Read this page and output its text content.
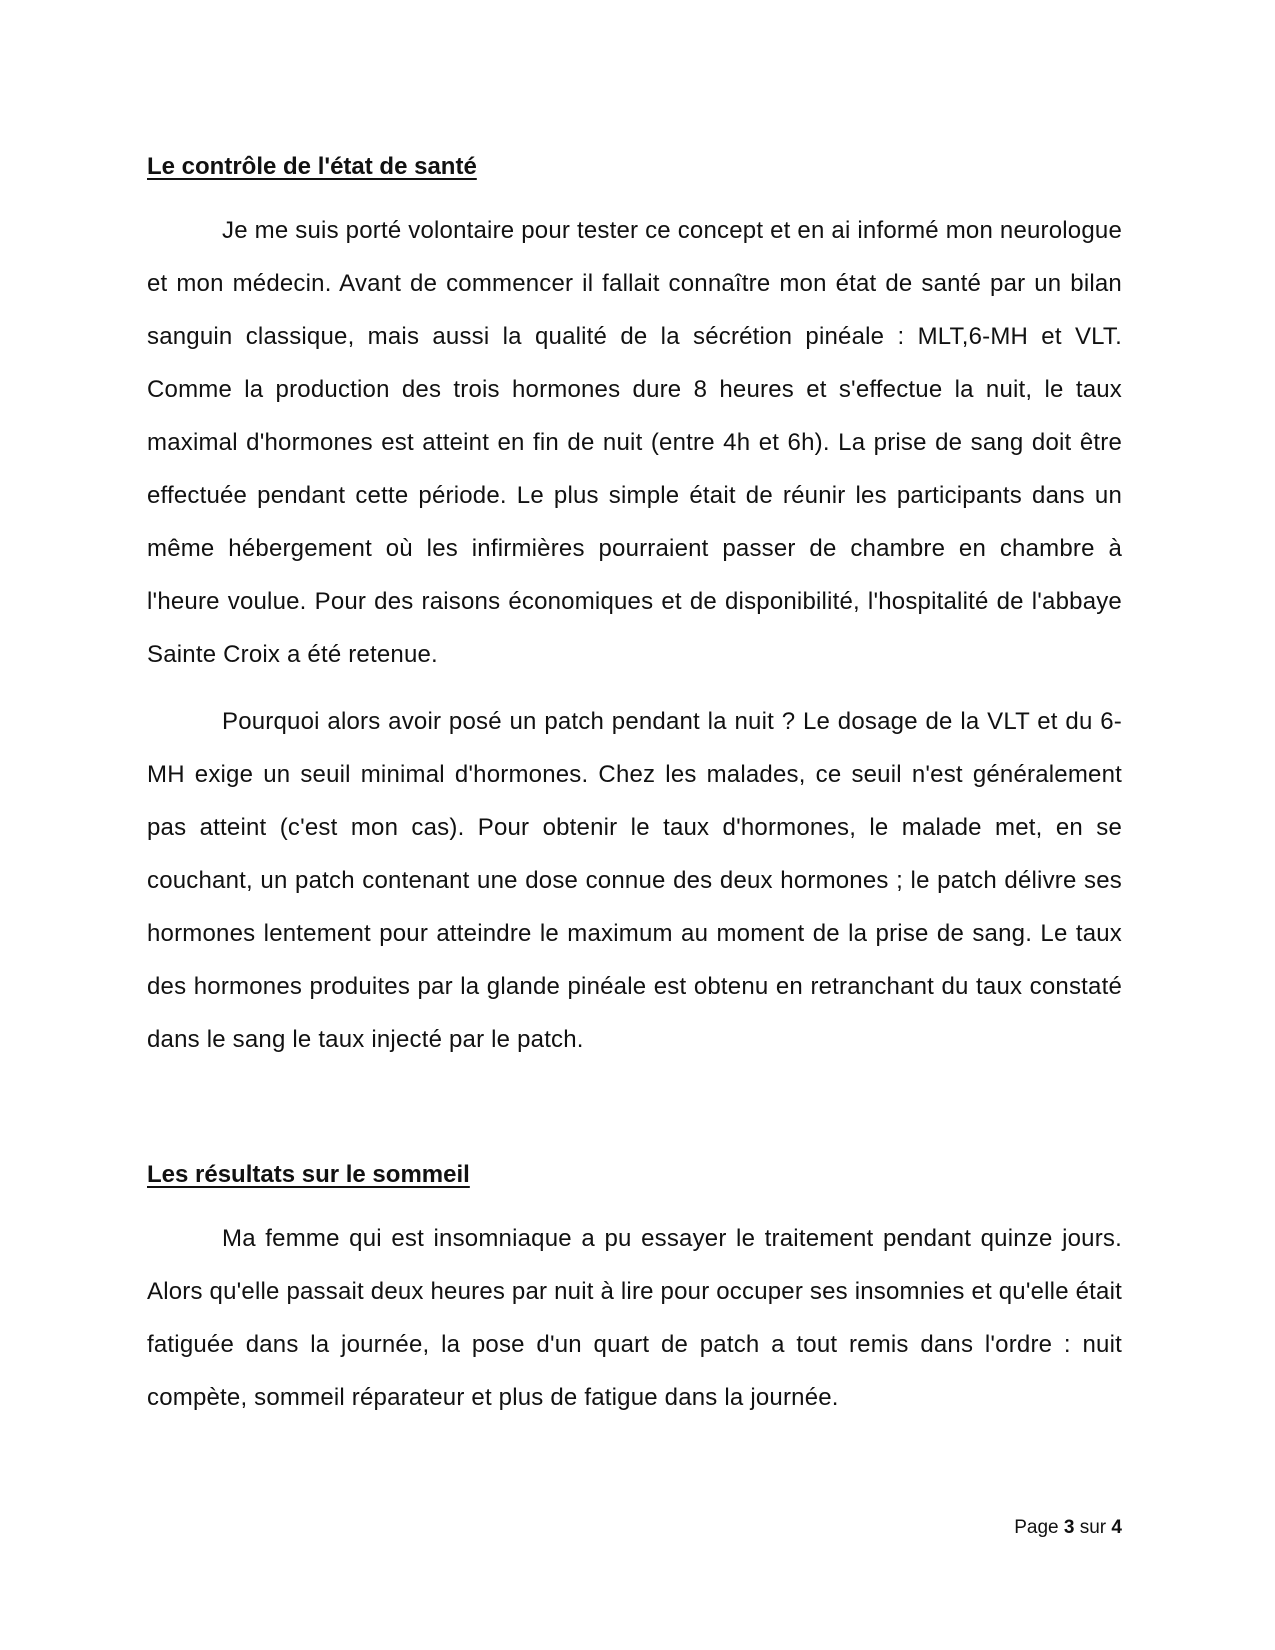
Le contrôle de l'état de santé

Je me suis porté volontaire pour tester ce concept et en ai informé mon neurologue et mon médecin. Avant de commencer il fallait connaître mon état de santé par un bilan sanguin classique, mais aussi la qualité de la sécrétion pinéale : MLT,6-MH et VLT. Comme la production des trois hormones dure 8 heures et s'effectue la nuit, le taux maximal d'hormones est atteint en fin de nuit (entre 4h et 6h). La prise de sang doit être effectuée pendant cette période. Le plus simple était de réunir les participants dans un même hébergement où les infirmières pourraient passer de chambre en chambre à l'heure voulue. Pour des raisons économiques et de disponibilité, l'hospitalité de l'abbaye Sainte Croix a été retenue.

Pourquoi alors avoir posé un patch pendant la nuit ? Le dosage de la VLT et du 6-MH exige un seuil minimal d'hormones. Chez les malades, ce seuil n'est généralement pas atteint (c'est mon cas). Pour obtenir le taux d'hormones, le malade met, en se couchant, un patch contenant une dose connue des deux hormones ; le patch délivre ses hormones lentement pour atteindre le maximum au moment de la prise de sang. Le taux des hormones produites par la glande pinéale est obtenu en retranchant du taux constaté dans le sang le taux injecté par le patch.

Les résultats sur le sommeil

Ma femme qui est insomniaque a pu essayer le traitement pendant quinze jours. Alors qu'elle passait deux heures par nuit à lire pour occuper ses insomnies et qu'elle était fatiguée dans la journée, la pose d'un quart de patch a tout remis dans l'ordre : nuit compète, sommeil réparateur et plus de fatigue dans la journée.

Page 3 sur 4
